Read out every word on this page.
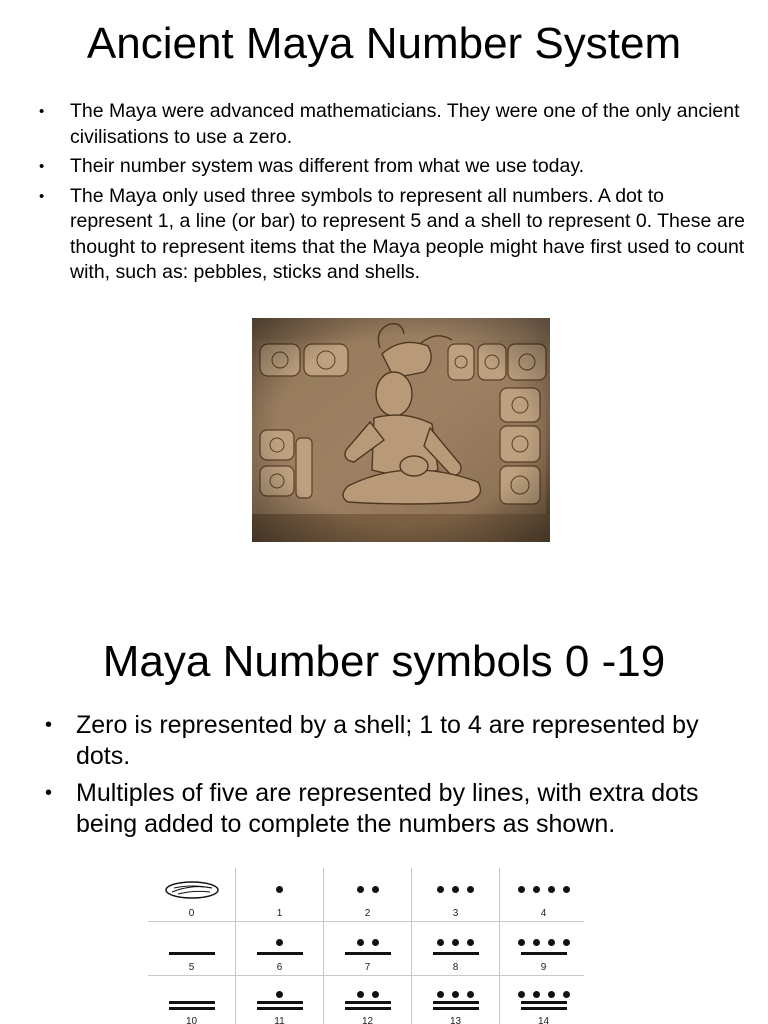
Ancient Maya Number System
• The Maya were advanced mathematicians. They were one of the only ancient civilisations to use a zero.
• Their number system was different from what we use today.
• The Maya only used three symbols to represent all numbers. A dot to represent 1, a line (or bar) to represent 5 and a shell to represent 0. These are thought to represent items that the Maya people might have first used to count with, such as: pebbles, sticks and shells.
Maya Number symbols 0 -19
• Zero is represented by a shell; 1 to 4 are represented by dots.
• Multiples of five are represented by lines, with extra dots being added to complete the numbers as shown.
0	1	2	3	4

5	6	7	8	9

10	11	12	13	14
